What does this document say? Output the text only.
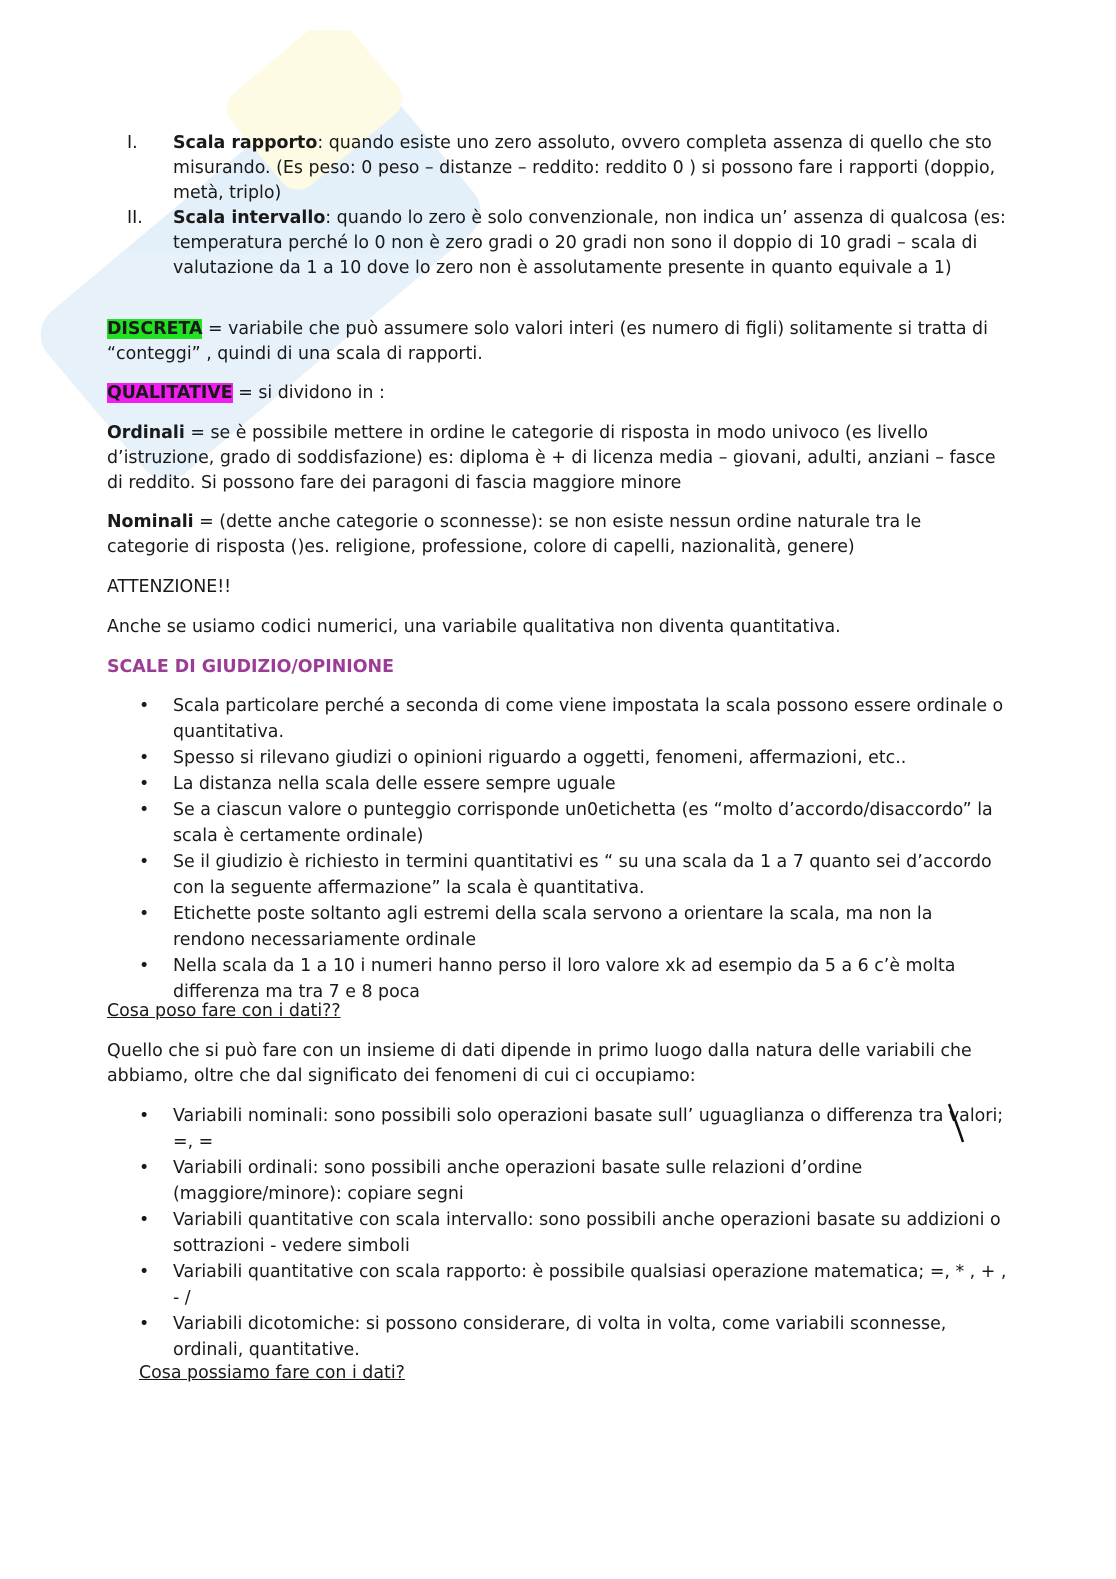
I. Scala rapporto: quando esiste uno zero assoluto, ovvero completa assenza di quello che sto misurando. (Es peso: 0 peso – distanze – reddito: reddito 0 ) si possono fare i rapporti (doppio, metà, triplo)
II. Scala intervallo: quando lo zero è solo convenzionale, non indica un’ assenza di qualcosa (es: temperatura perché lo 0 non è zero gradi o 20 gradi non sono il doppio di 10 gradi – scala di valutazione da 1 a 10 dove lo zero non è assolutamente presente in quanto equivale a 1)

DISCRETA = variabile che può assumere solo valori interi (es numero di figli) solitamente si tratta di “conteggi” , quindi di una scala di rapporti.

QUALITATIVE = si dividono in :

Ordinali = se è possibile mettere in ordine le categorie di risposta in modo univoco (es livello d’istruzione, grado di soddisfazione) es: diploma è + di licenza media – giovani, adulti, anziani – fasce di reddito. Si possono fare dei paragoni di fascia maggiore minore

Nominali = (dette anche categorie o sconnesse): se non esiste nessun ordine naturale tra le categorie di risposta ()es. religione, professione, colore di capelli, nazionalità, genere)

ATTENZIONE!!

Anche se usiamo codici numerici, una variabile qualitativa non diventa quantitativa.

SCALE DI GIUDIZIO/OPINIONE

• Scala particolare perché a seconda di come viene impostata la scala possono essere ordinale o quantitativa.
• Spesso si rilevano giudizi o opinioni riguardo a oggetti, fenomeni, affermazioni, etc..
• La distanza nella scala delle essere sempre uguale
• Se a ciascun valore o punteggio corrisponde un0etichetta (es “molto d’accordo/disaccordo” la scala è certamente ordinale)
• Se il giudizio è richiesto in termini quantitativi es “ su una scala da 1 a 7 quanto sei d’accordo con la seguente affermazione” la scala è quantitativa.
• Etichette poste soltanto agli estremi della scala servono a orientare la scala, ma non la rendono necessariamente ordinale
• Nella scala da 1 a 10 i numeri hanno perso il loro valore xk ad esempio da 5 a 6 c’è molta differenza ma tra 7 e 8 poca

Cosa poso fare con i dati??

Quello che si può fare con un insieme di dati dipende in primo luogo dalla natura delle variabili che abbiamo, oltre che dal significato dei fenomeni di cui ci occupiamo:

• Variabili nominali: sono possibili solo operazioni basate sull’ uguaglianza o differenza tra valori; =, =
• Variabili ordinali: sono possibili anche operazioni basate sulle relazioni d’ordine (maggiore/minore): copiare segni
• Variabili quantitative con scala intervallo: sono possibili anche operazioni basate su addizioni o sottrazioni - vedere simboli
• Variabili quantitative con scala rapporto: è possibile qualsiasi operazione matematica; =, * , + , - /
• Variabili dicotomiche: si possono considerare, di volta in volta, come variabili sconnesse, ordinali, quantitative.

Cosa possiamo fare con i dati?
